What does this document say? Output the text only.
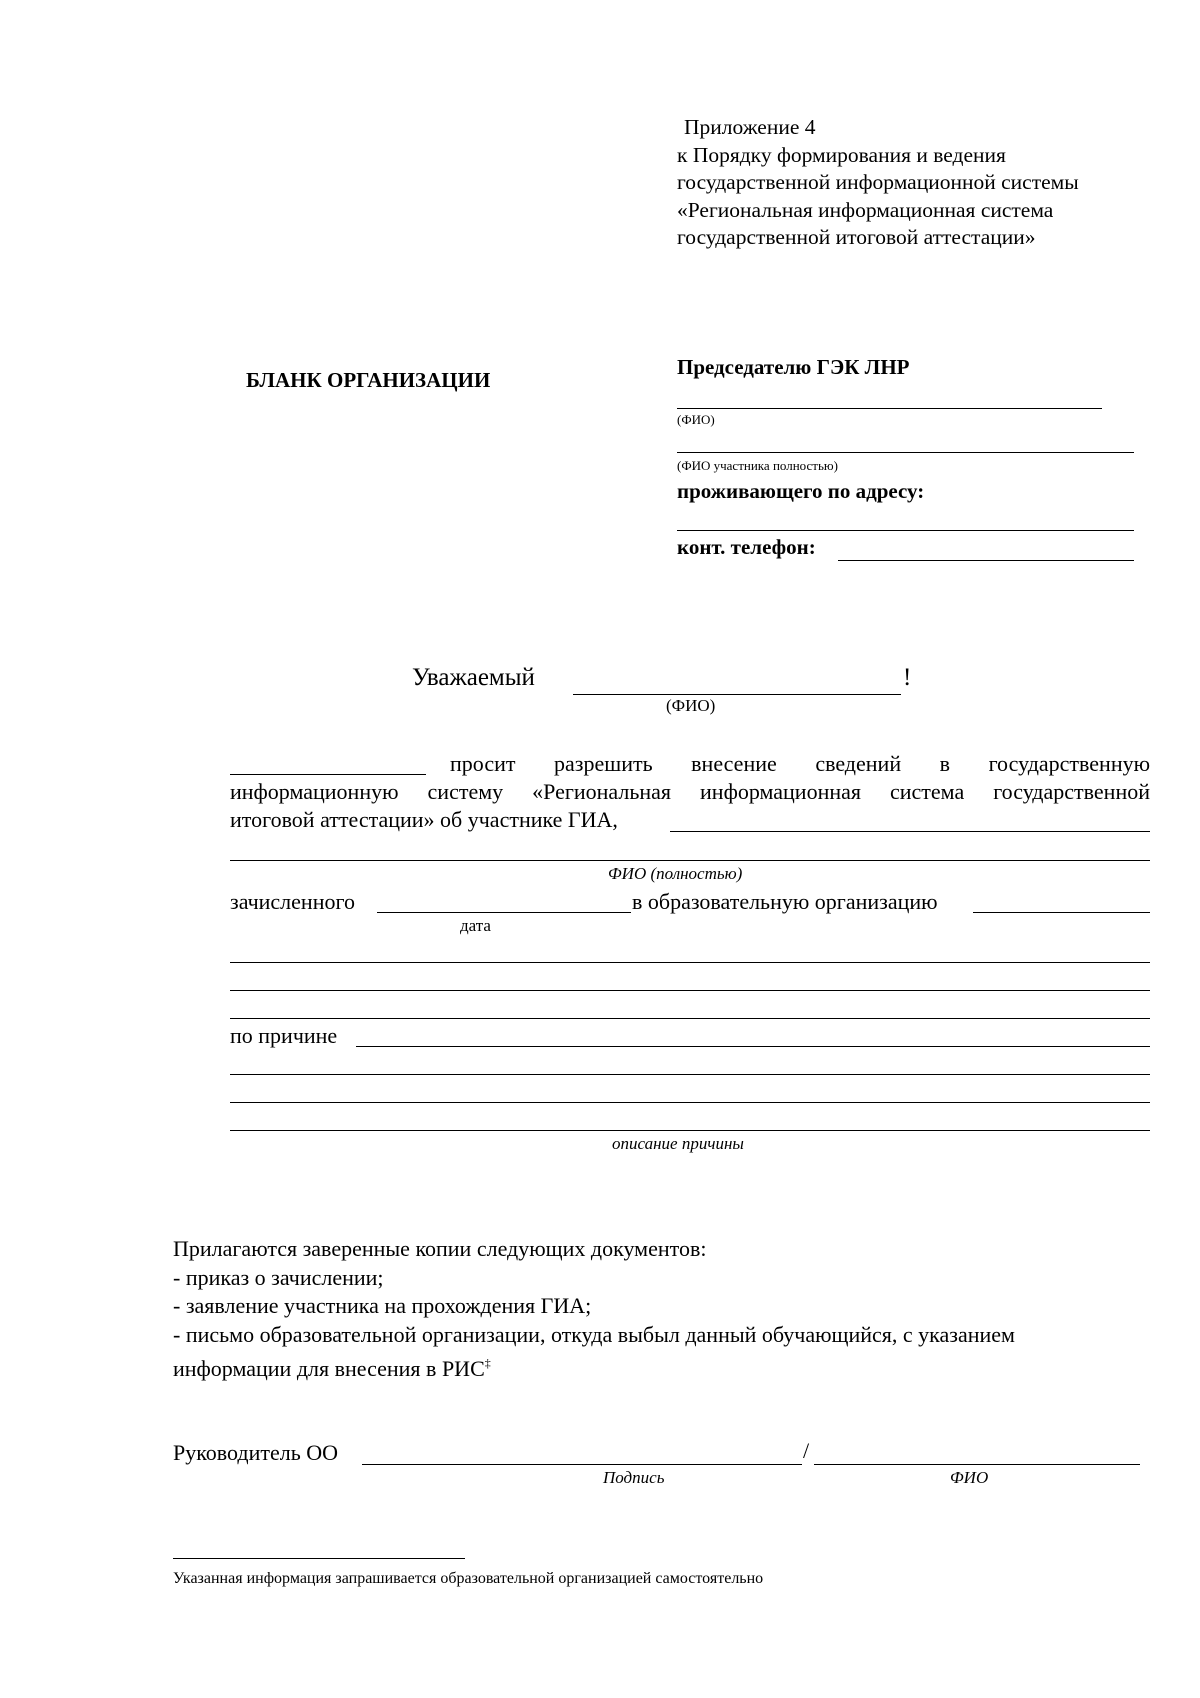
Приложение 4
к Порядку формирования и ведения
государственной информационной системы
«Региональная информационная система
государственной итоговой аттестации»
БЛАНК ОРГАНИЗАЦИИ
Председателю ГЭК ЛНР
(ФИО)
(ФИО участника полностью)
проживающего по адресу:
конт. телефон:
Уважаемый	!
(ФИО)
просит разрешить внесение сведений в государственную
информационную систему «Региональная информационная система государственной
итоговой аттестации» об участнике ГИА,
ФИО (полностью)
зачисленного	в образовательную организацию
дата
по причине
описание причины
Прилагаются заверенные копии следующих документов:
- приказ о зачислении;
- заявление участника на прохождения ГИА;
- письмо образовательной организации, откуда выбыл данный обучающийся, с указанием
информации для внесения в РИС‡
Руководитель ОО	/
Подпись	ФИО
Указанная информация запрашивается образовательной организацией самостоятельно
